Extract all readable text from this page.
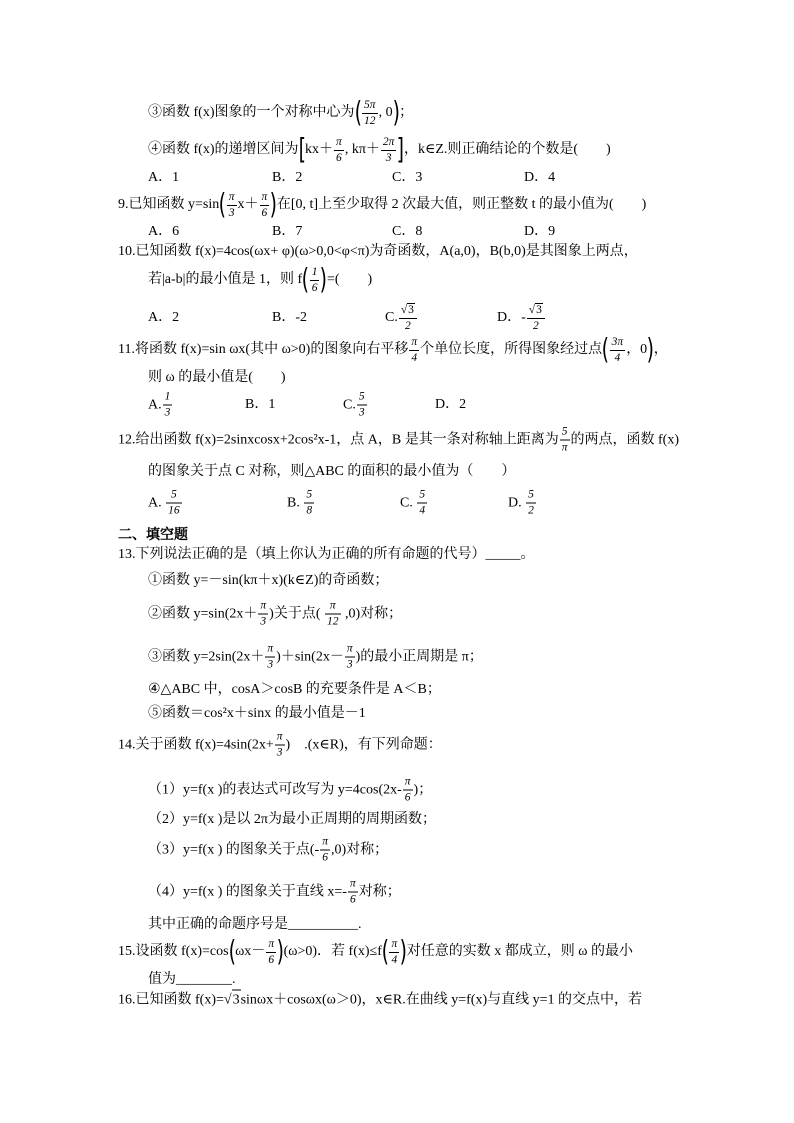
③函数 f(x)图象的一个对称中心为 ( $\frac{5\pi}{12}$ , 0 ) ；
④函数 f(x)的递增区间为 [ $kx+ \frac{\pi}{6}$ , $k\pi+ \frac{2\pi}{3}$ ] ，k∈Z.则正确结论的个数是(　　)
A．1	B．2	C．3	D．4
9.已知函数 y=sin ( $\frac{\pi}{3} x+ \frac{\pi}{6}$ ) 在[0, t]上至少取得 2 次最大值，则正整数 t 的最小值为(　　)
A．6	B．7	C．8	D．9
10.已知函数 f(x)=4cos(ωx+ φ)(ω>0,0<φ<π)为奇函数，A(a,0)，B(b,0)是其图象上两点，
若|a-b|的最小值是 1，则 f ( $\frac{1}{6}$ ) =(　　)
A．2	B．-2	C. $\frac{√ 3}{2}$	D．- $\frac{√ 3}{2}$
11.将函数 f(x)=sin ωx(其中 ω>0)的图象向右平移 $\frac{\pi}{4}$ 个单位长度，所得图象经过点 ( $\frac{3\pi}{4}$ ，0 ) ，
则 ω 的最小值是(　　)
A. $\frac{1}{3}$	B．1	C. $\frac{5}{3}$	D．2
12.给出函数 f(x)=2sinxcosx+2cos²x-1，点 A，B 是其一条对称轴上距离为 $\frac{5}{\pi}$ 的两点，函数 f(x)
的图象关于点 C 对称，则△ABC 的面积的最小值为（　　）
A. $\frac{5}{16}$	B. $\frac{5}{8}$	C. $\frac{5}{4}$	D. $\frac{5}{2}$
二、填空题
13.下列说法正确的是（填上你认为正确的所有命题的代号）_____。
①函数 y=－sin(kπ＋x)(k∈Z)的奇函数；
②函数 $y=\sin(2x+ \frac{\pi}{3}$ )关于点( $\frac{\pi}{12} ,0$)对称；
③函数 $y=2\sin(2x+ \frac{\pi}{3} )+\sin(2x- \frac{\pi}{3}$ )的最小正周期是 π；
④△ABC 中，cosA＞cosB 的充要条件是 A＜B；
⑤函数＝cos²x＋sinx 的最小值是－1
14.关于函数 $f(x)=4\sin(2x+ \frac{\pi}{3}$ )　.(x∈R)，有下列命题：
（1）y=f(x )的表达式可改写为 $y=4\cos(2x- \frac{\pi}{6}$ )；
（2）y=f(x )是以 2π为最小正周期的周期函数；
（3）y=f(x ) 的图象关于点(- $\frac{\pi}{6} ,0$)对称；
（4）y=f(x ) 的图象关于直线 $x=- \frac{\pi}{6}$ 对称；
其中正确的命题序号是__________.
15.设函数 f(x)=cos ( $\omega x- \frac{\pi}{6}$ ) (ω>0)．若 f(x)≤f ( $\frac{\pi}{4}$ ) 对任意的实数 x 都成立，则 ω 的最小
值为________.
16.已知函数 f(x)= √ 3 sinωx＋cosωx(ω＞0)，x∈R.在曲线 y=f(x)与直线 y=1 的交点中，若
